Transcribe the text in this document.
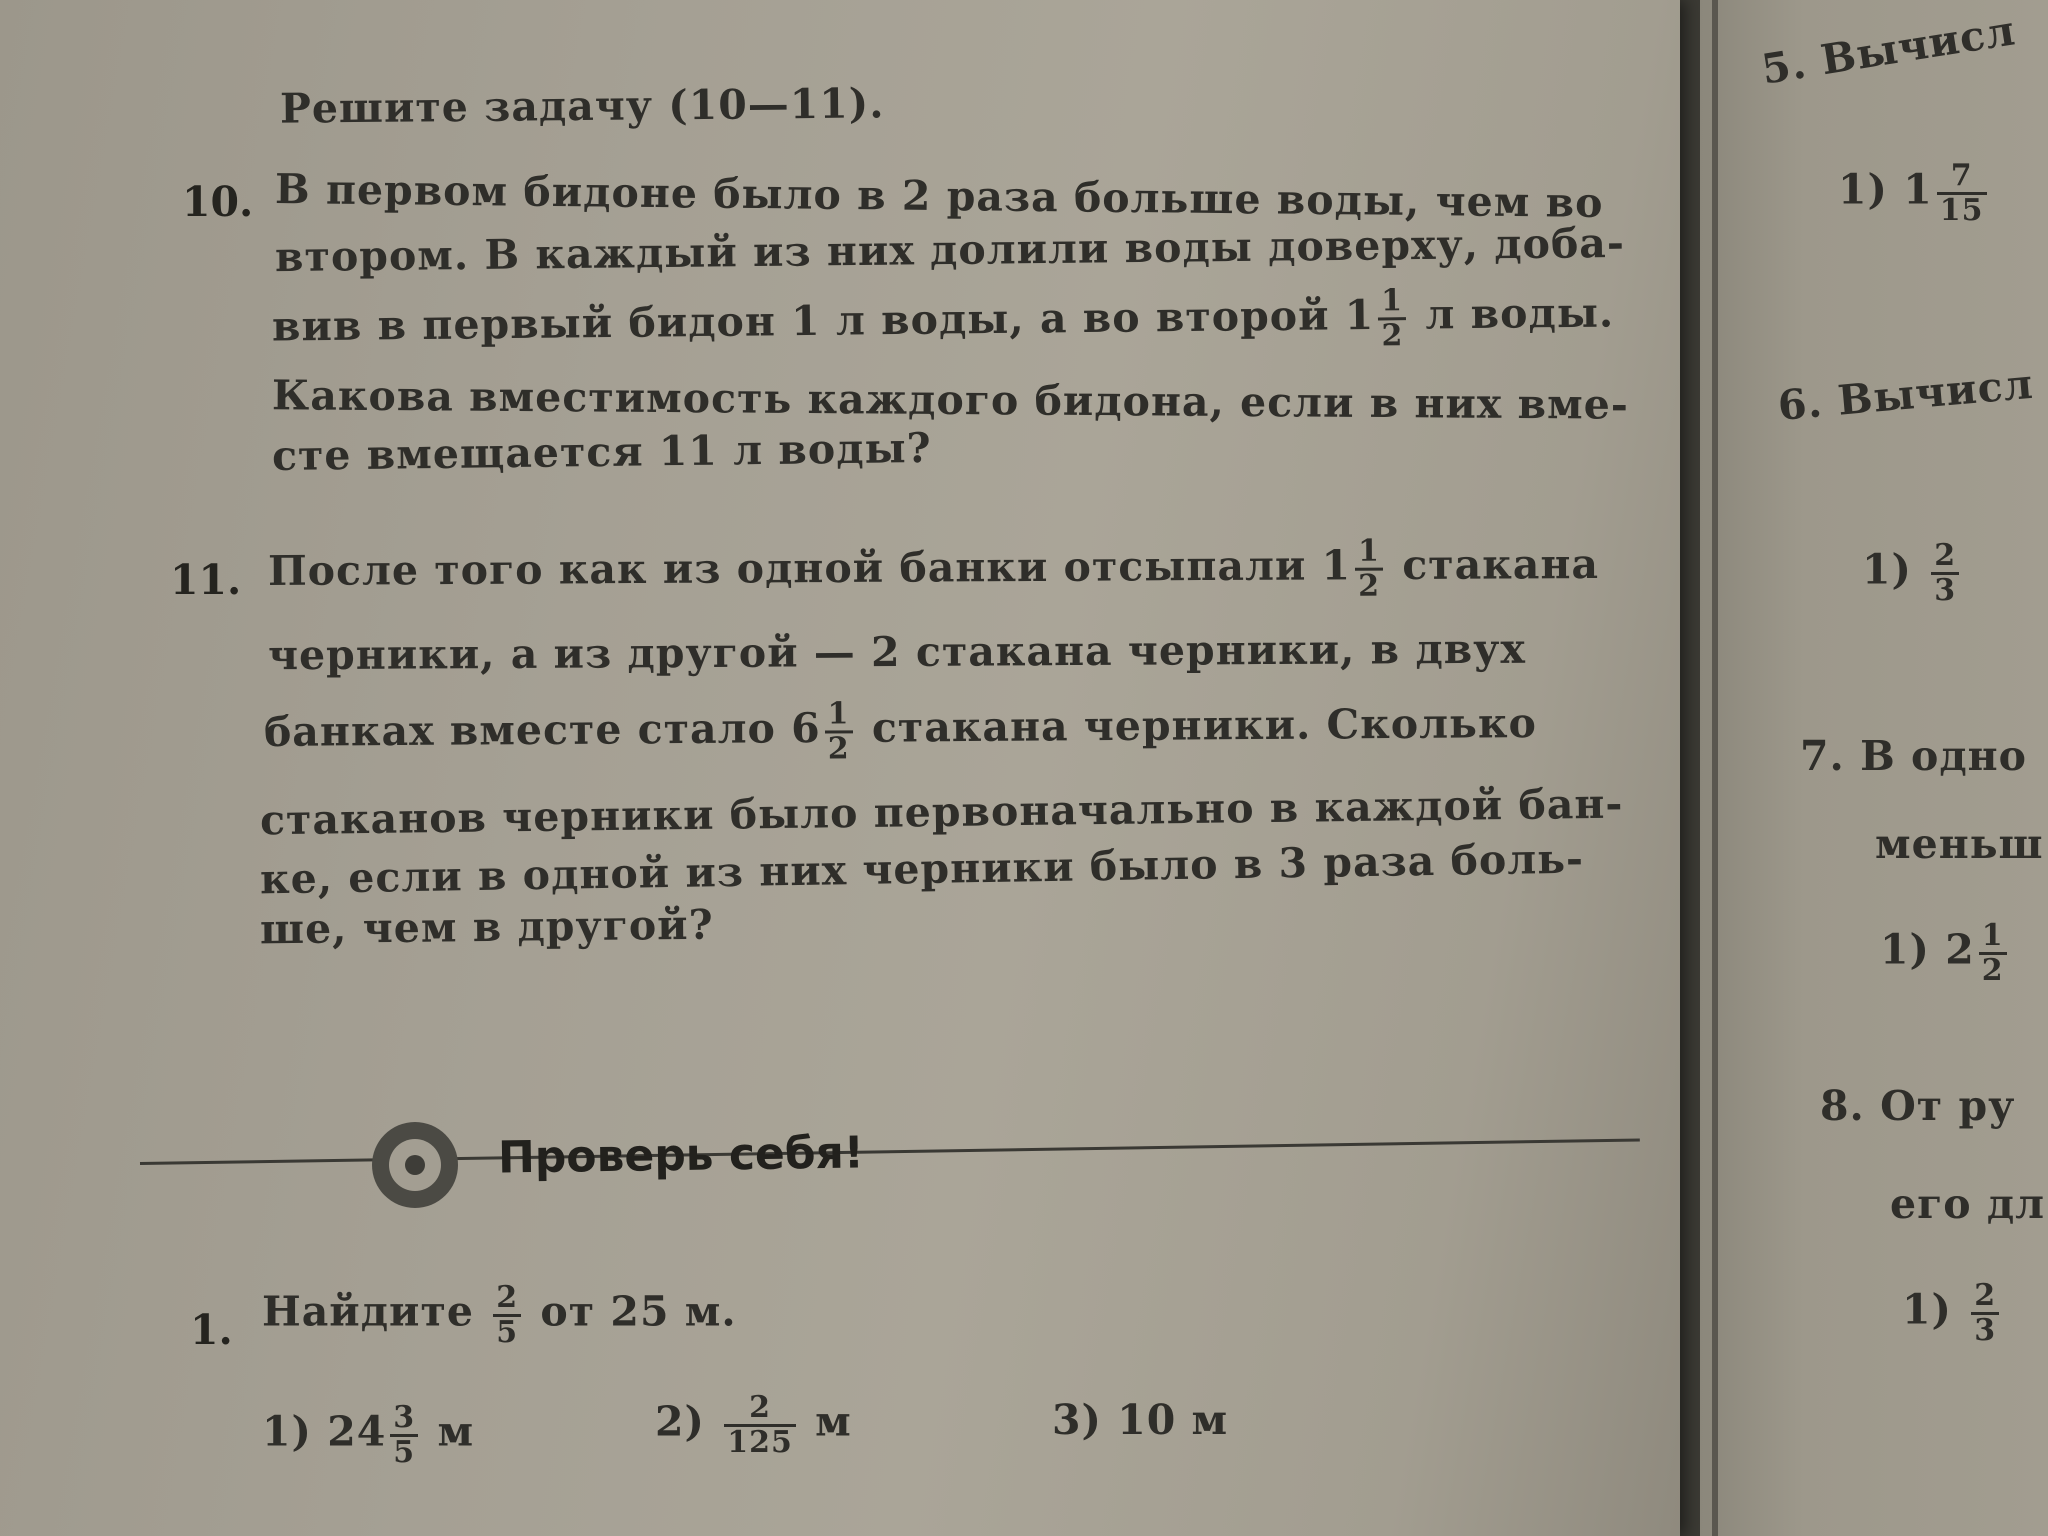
Решите задачу (10—11).
10. В первом бидоне было в 2 раза больше воды, чем во
втором. В каждый из них долили воды доверху, доба-
вив в первый бидон 1 л воды, а во второй $1 \frac{1}{2}$ л воды.
Какова вместимость каждого бидона, если в них вме-
сте вмещается 11 л воды?
11. После того как из одной банки отсыпали $1 \frac{1}{2}$ стакана
черники, а из другой — 2 стакана черники, в двух
банках вместе стало $6 \frac{1}{2}$ стакана черники. Сколько
стаканов черники было первоначально в каждой бан-
ке, если в одной из них черники было в 3 раза боль-
ше, чем в другой?
Проверь себя!
1. Найдите $\frac{2}{5}$ от 25 м.
1) $24 \frac{3}{5}$ м	$2) \frac{2}{125}$ м	3) 10 м
5. Вычисл
1) $1 \frac{7}{15}$
6. Вычисл
$1) \frac{2}{3}$
7. В одно
меньш
1) $2 \frac{1}{2}$
8. От ру
его дл
$1) \frac{2}{3}$
